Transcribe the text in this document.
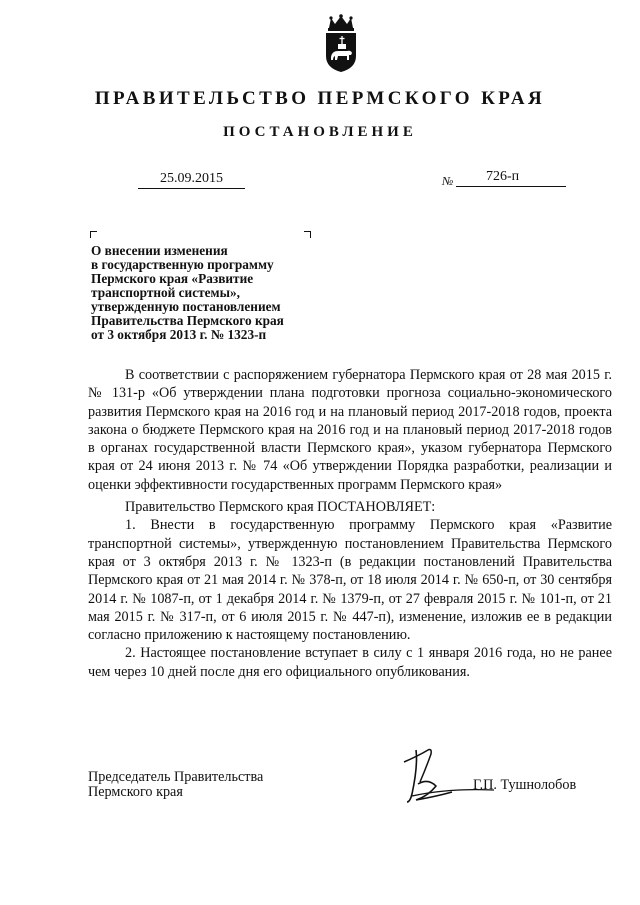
ПРАВИТЕЛЬСТВО ПЕРМСКОГО КРАЯ
ПОСТАНОВЛЕНИЕ
25.09.2015	№ 726-п
О внесении изменения
в государственную программу
Пермского края «Развитие
транспортной системы»,
утвержденную постановлением
Правительства Пермского края
от 3 октября 2013 г. № 1323-п

В соответствии с распоряжением губернатора Пермского края от 28 мая 2015 г. № 131-р «Об утверждении плана подготовки прогноза социально-экономического развития Пермского края на 2016 год и на плановый период 2017-2018 годов, проекта закона о бюджете Пермского края на 2016 год и на плановый период 2017-2018 годов в органах государственной власти Пермского края», указом губернатора Пермского края от 24 июня 2013 г. № 74 «Об утверждении Порядка разработки, реализации и оценки эффективности государственных программ Пермского края»

Правительство Пермского края ПОСТАНОВЛЯЕТ:

1. Внести в государственную программу Пермского края «Развитие транспортной системы», утвержденную постановлением Правительства Пермского края от 3 октября 2013 г. № 1323-п (в редакции постановлений Правительства Пермского края от 21 мая 2014 г. № 378-п, от 18 июля 2014 г. № 650-п, от 30 сентября 2014 г. № 1087-п, от 1 декабря 2014 г. № 1379-п, от 27 февраля 2015 г. № 101-п, от 21 мая 2015 г. № 317-п, от 6 июля 2015 г. № 447-п), изменение, изложив ее в редакции согласно приложению к настоящему постановлению.

2. Настоящее постановление вступает в силу с 1 января 2016 года, но не ранее чем через 10 дней после дня его официального опубликования.

Председатель Правительства
Пермского края	Г.П. Тушнолобов
